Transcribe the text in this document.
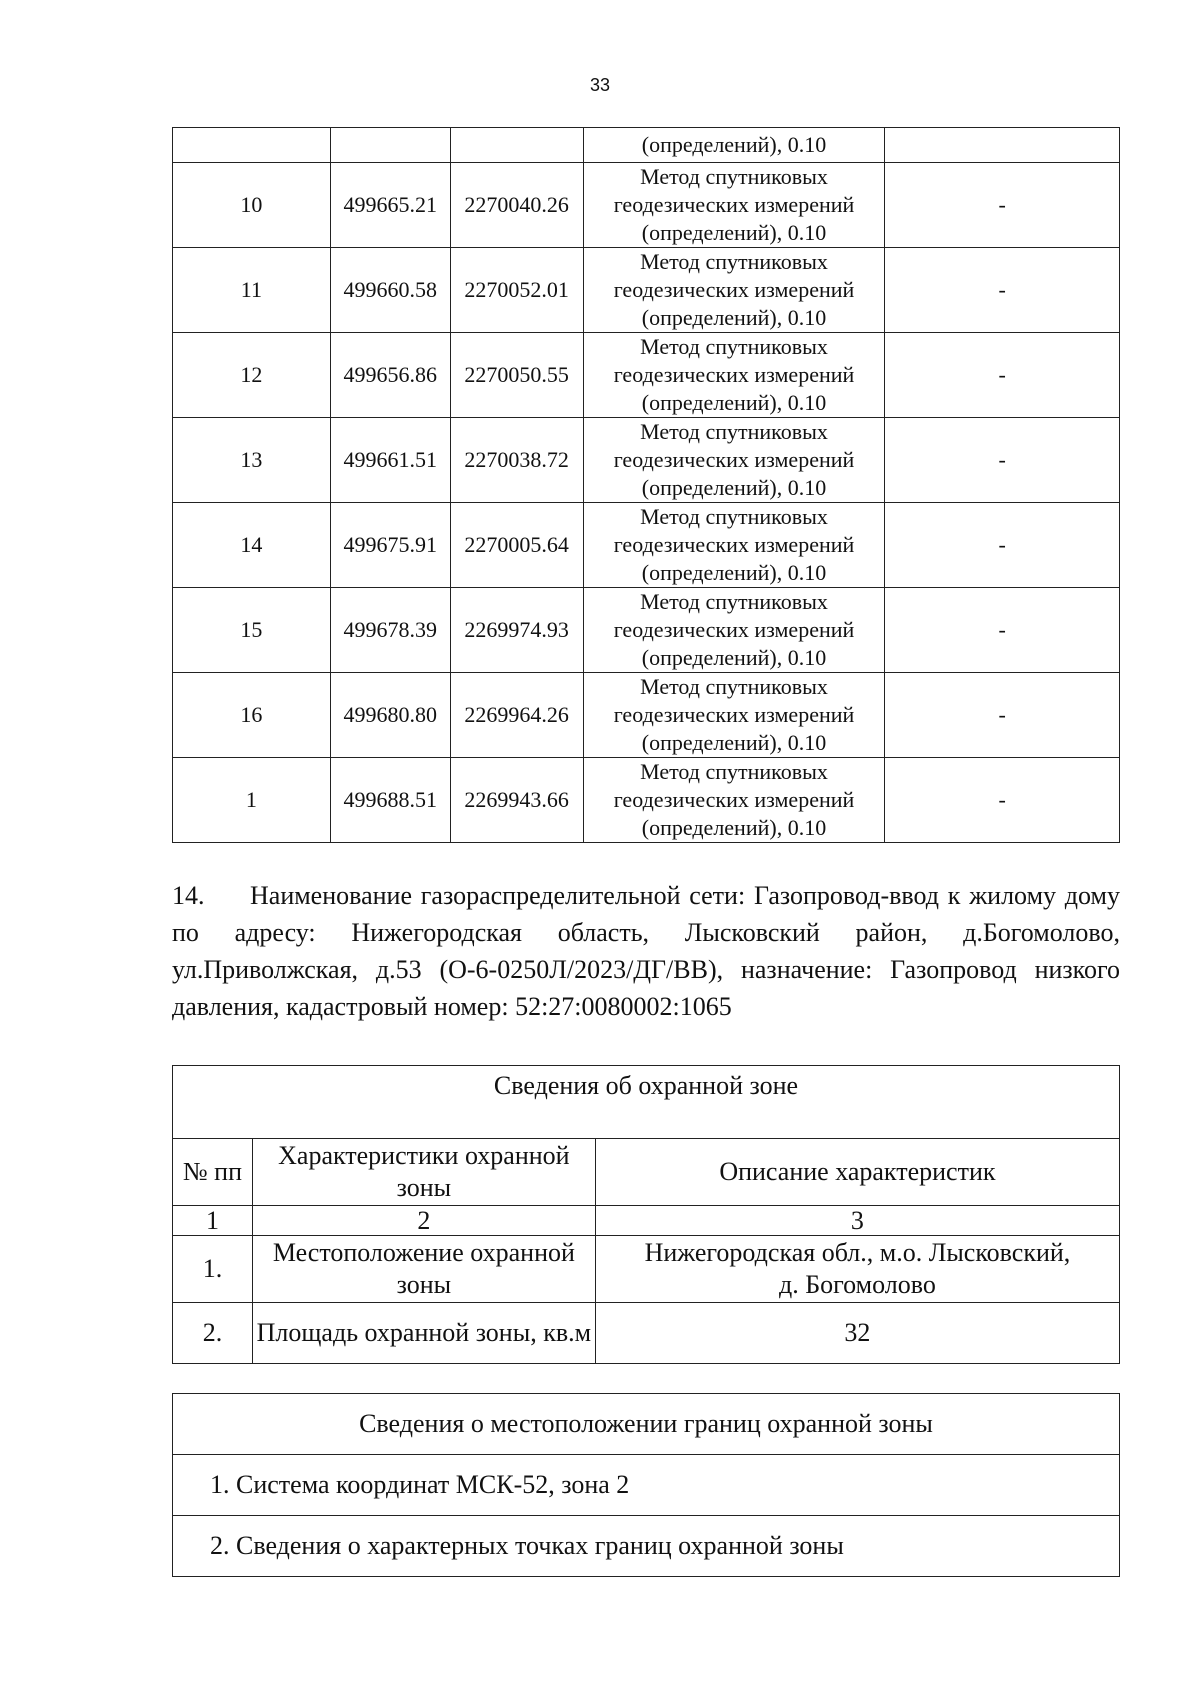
33
			(определений), 0.10	
10	499665.21	2270040.26	Метод спутниковых
геодезических измерений
(определений), 0.10	-
11	499660.58	2270052.01	Метод спутниковых
геодезических измерений
(определений), 0.10	-
12	499656.86	2270050.55	Метод спутниковых
геодезических измерений
(определений), 0.10	-
13	499661.51	2270038.72	Метод спутниковых
геодезических измерений
(определений), 0.10	-
14	499675.91	2270005.64	Метод спутниковых
геодезических измерений
(определений), 0.10	-
15	499678.39	2269974.93	Метод спутниковых
геодезических измерений
(определений), 0.10	-
16	499680.80	2269964.26	Метод спутниковых
геодезических измерений
(определений), 0.10	-
1	499688.51	2269943.66	Метод спутниковых
геодезических измерений
(определений), 0.10	-

14. Наименование газораспределительной сети: Газопровод-ввод к жилому дому по адресу: Нижегородская область, Лысковский район, д.Богомолово, ул.Приволжская, д.53 (О-6-0250Л/2023/ДГ/ВВ), назначение: Газопровод низкого давления, кадастровый номер: 52:27:0080002:1065

Сведения об охранной зоне		
№ пп	Характеристики охранной зоны	Описание характеристик
1	2	3
1.	Местоположение охранной зоны	Нижегородская обл., м.о. Лысковский,
д. Богомолово

2.	Площадь охранной зоны, кв.м	32
Сведения о местоположении границ охранной зоны
1. Система координат МСК-52, зона 2
2. Сведения о характерных точках границ охранной зоны
